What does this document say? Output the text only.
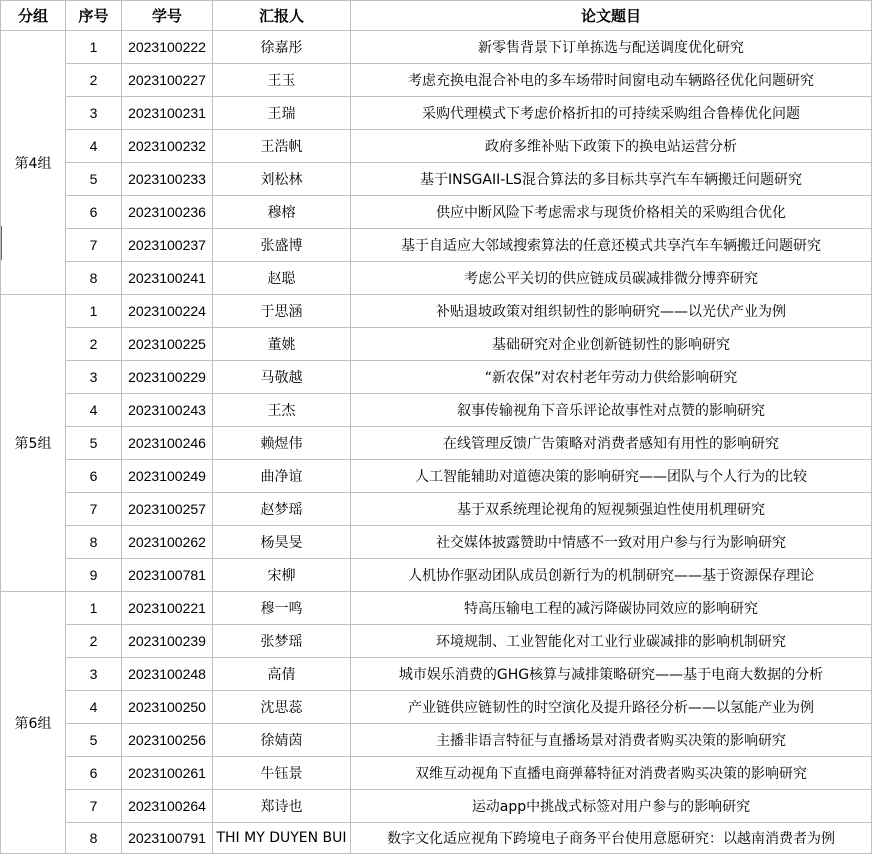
分组	序号	学号	汇报人	论文题目
第4组	1	2023100222	徐嘉彤	新零售背景下订单拣选与配送调度优化研究
	2	2023100227	王玉	考虑充换电混合补电的多车场带时间窗电动车辆路径优化问题研究
	3	2023100231	王瑞	采购代理模式下考虑价格折扣的可持续采购组合鲁棒优化问题
	4	2023100232	王浩帆	政府多维补贴下政策下的换电站运营分析
	5	2023100233	刘松林	基于INSGAII-LS混合算法的多目标共享汽车车辆搬迁问题研究
	6	2023100236	穆榕	供应中断风险下考虑需求与现货价格相关的采购组合优化
	7	2023100237	张盛博	基于自适应大邻域搜索算法的任意还模式共享汽车车辆搬迁问题研究
	8	2023100241	赵聪	考虑公平关切的供应链成员碳减排微分博弈研究
第5组	1	2023100224	于思涵	补贴退坡政策对组织韧性的影响研究——以光伏产业为例
	2	2023100225	董姚	基础研究对企业创新链韧性的影响研究
	3	2023100229	马敬越	“新农保”对农村老年劳动力供给影响研究
	4	2023100243	王杰	叙事传输视角下音乐评论故事性对点赞的影响研究
	5	2023100246	赖煜伟	在线管理反馈广告策略对消费者感知有用性的影响研究
	6	2023100249	曲净谊	人工智能辅助对道德决策的影响研究——团队与个人行为的比较
	7	2023100257	赵梦瑶	基于双系统理论视角的短视频强迫性使用机理研究
	8	2023100262	杨昊旻	社交媒体披露赞助中情感不一致对用户参与行为影响研究
	9	2023100781	宋柳	人机协作驱动团队成员创新行为的机制研究——基于资源保存理论
第6组	1	2023100221	穆一鸣	特高压输电工程的减污降碳协同效应的影响研究
	2	2023100239	张梦瑶	环境规制、工业智能化对工业行业碳减排的影响机制研究
	3	2023100248	高倩	城市娱乐消费的GHG核算与减排策略研究——基于电商大数据的分析
	4	2023100250	沈思蕊	产业链供应链韧性的时空演化及提升路径分析——以氢能产业为例
	5	2023100256	徐婧茵	主播非语言特征与直播场景对消费者购买决策的影响研究
	6	2023100261	牛钰景	双维互动视角下直播电商弹幕特征对消费者购买决策的影响研究
	7	2023100264	郑诗也	运动app中挑战式标签对用户参与的影响研究
	8	2023100791	THI MY DUYEN BUI	数字文化适应视角下跨境电子商务平台使用意愿研究：以越南消费者为例
